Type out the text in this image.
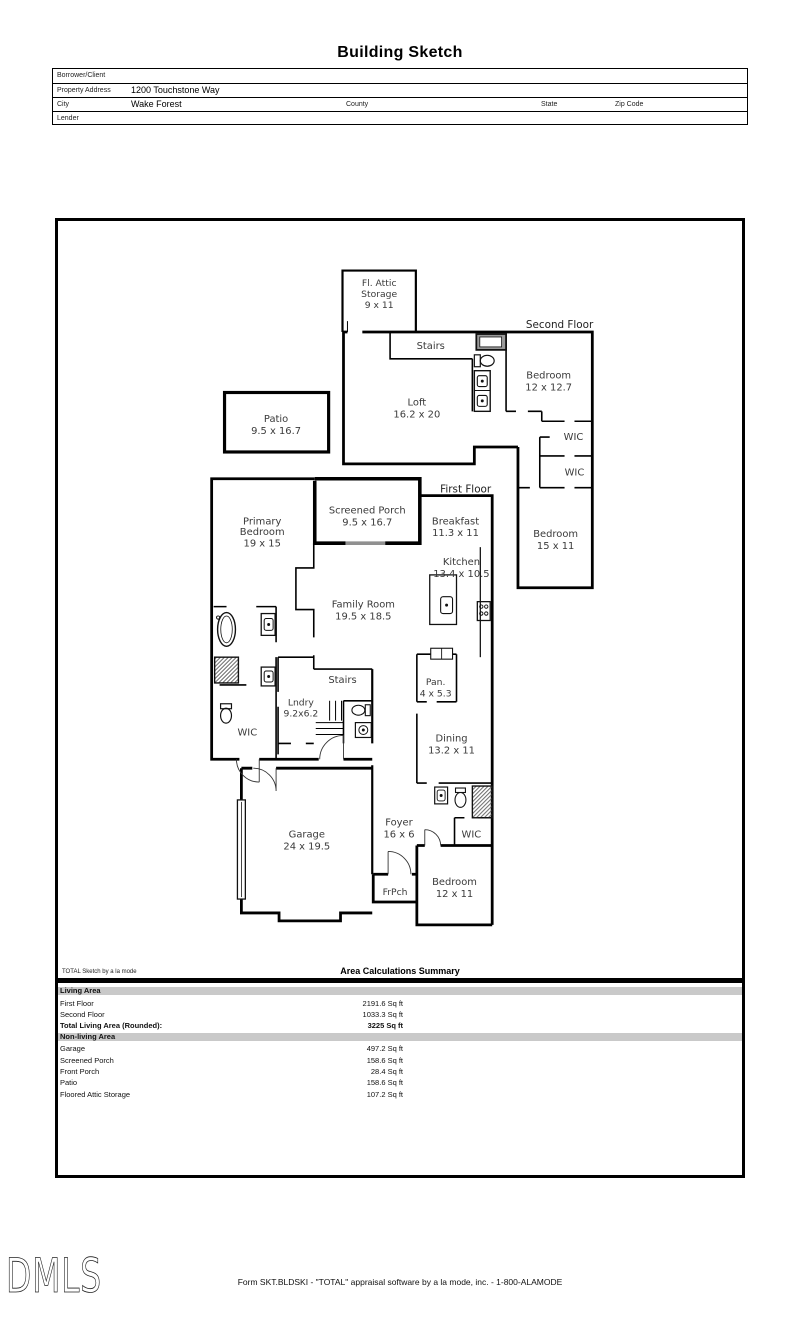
Building Sketch
Borrower/Client
Property Address 1200 Touchstone Way
City	Wake Forest	County	State	Zip Code
Lender
Second Floor
First Floor
Fl. Attic
Storage
9 x 11
Stairs
Loft
16.2 x 20
Bedroom
12 x 12.7
WIC
WIC
Bedroom
15 x 11
Patio
9.5 x 16.7
Primary
Bedroom
19 x 15
Screened Porch
9.5 x 16.7	Breakfast
11.3 x 11
Kitchen
13.4 x 10.5
Family Room
19.5 x 18.5
Stairs
Lndry
9.2x6.2
WIC
Pan.
4 x 5.3
Dining
13.2 x 11
Foyer
16 x 6	WIC
Garage
24 x 19.5
FrPch
Bedroom
12 x 11
TOTAL Sketch by a la mode	Area Calculations Summary
Living Area
First Floor	2191.6 Sq ft
Second Floor	1033.3 Sq ft
Total Living Area (Rounded):	3225 Sq ft
Non-living Area
Garage	497.2 Sq ft
Screened Porch	158.6 Sq ft
Front Porch	28.4 Sq ft
Patio	158.6 Sq ft
Floored Attic Storage	107.2 Sq ft
DMLS	Form SKT.BLDSKI - "TOTAL" appraisal software by a la mode, inc. - 1-800-ALAMODE
